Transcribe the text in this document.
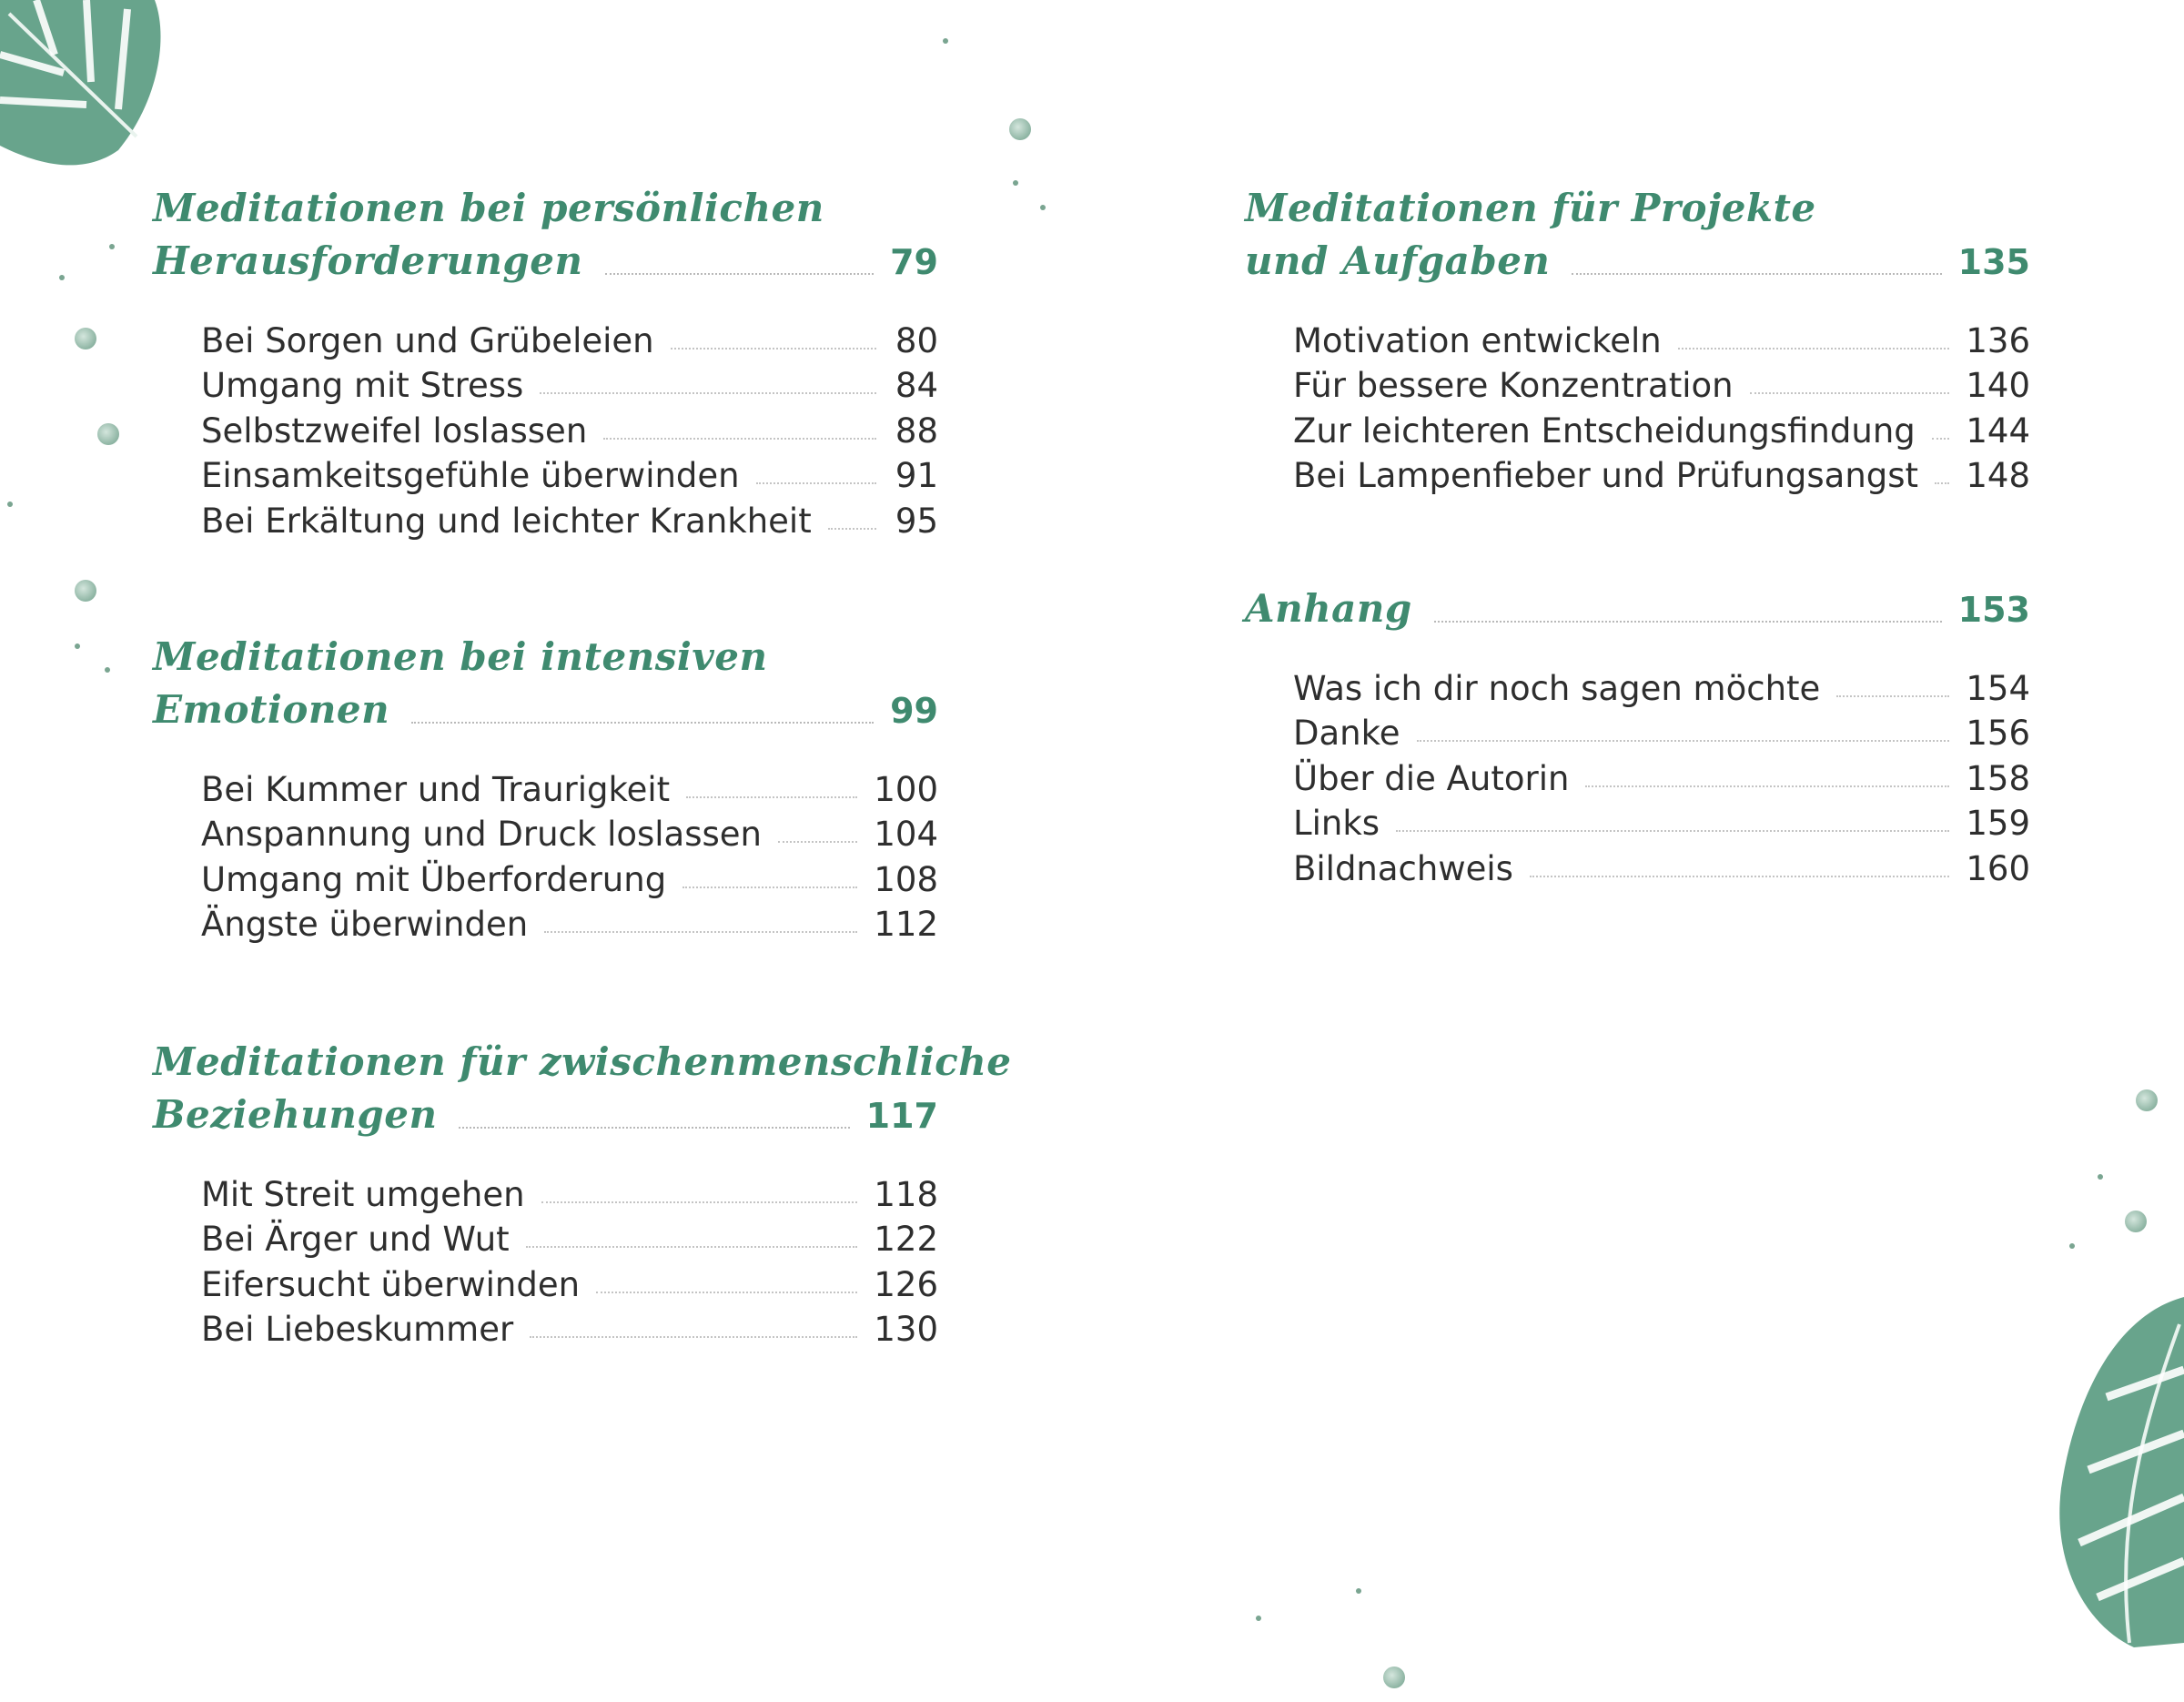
Meditationen bei persönlichen
Herausforderungen	79
Bei Sorgen und Grübeleien	80
Umgang mit Stress	84
Selbstzweifel loslassen	88
Einsamkeitsgefühle überwinden	91
Bei Erkältung und leichter Krankheit 95
Meditationen bei intensiven
Emotionen	99
Bei Kummer und Traurigkeit	100
Anspannung und Druck loslassen	104
Umgang mit Überforderung	108
Ängste überwinden	112
Meditationen für zwischenmenschliche
Beziehungen	117
Mit Streit umgehen	118
Bei Ärger und Wut	122
Eifersucht überwinden	126
Bei Liebeskummer	130
Meditationen für Projekte
und Aufgaben	135
Motivation entwickeln	136
Für bessere Konzentration	140
Zur leichteren Entscheidungsfindung 144
Bei Lampenfieber und Prüfungsangst 148
Anhang	153
Was ich dir noch sagen möchte	154
Danke	156
Über die Autorin	158
Links	159
Bildnachweis	160
